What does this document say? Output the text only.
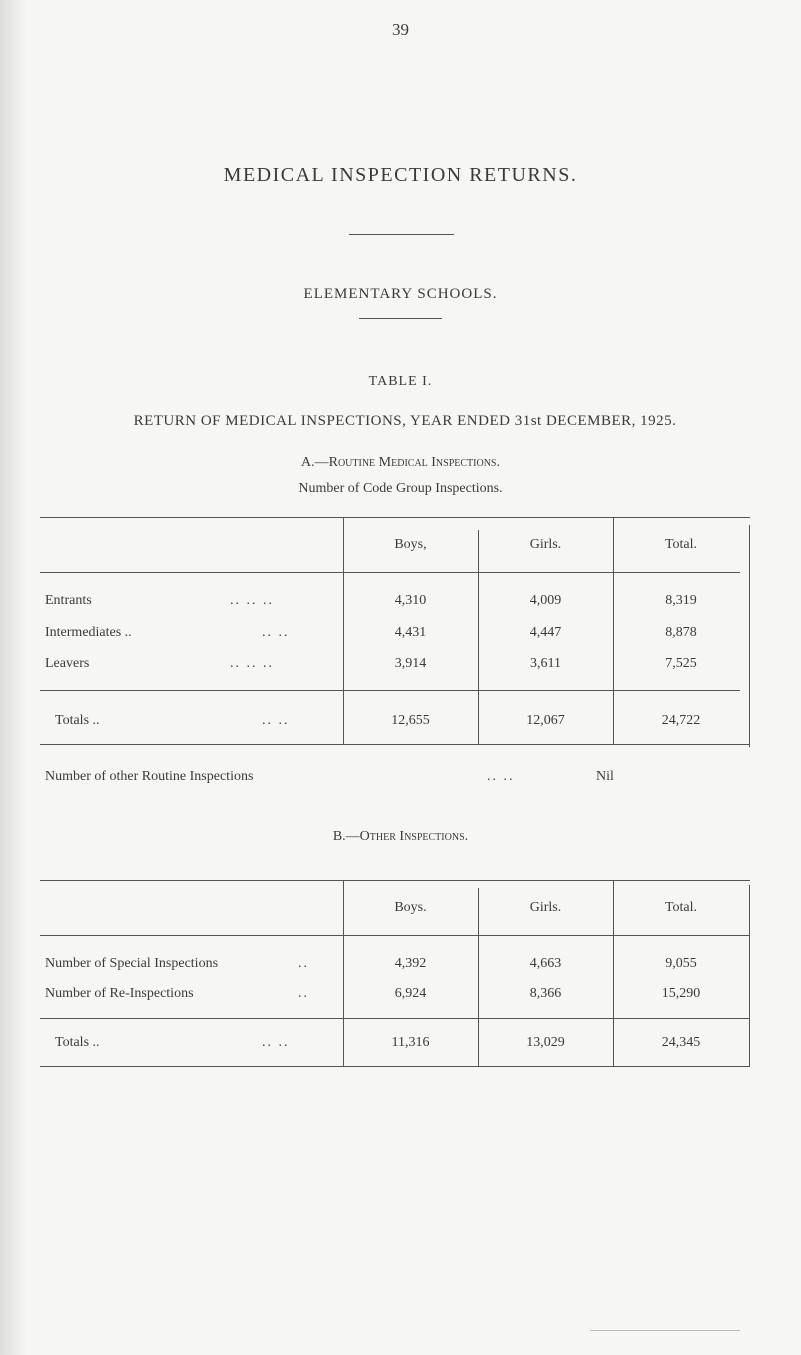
39
MEDICAL INSPECTION RETURNS.
ELEMENTARY SCHOOLS.
TABLE I.
RETURN OF MEDICAL INSPECTIONS, YEAR ENDED 31st DECEMBER, 1925.
A.—Routine Medical Inspections.
Number of Code Group Inspections.
Boys,	Girls.	Total.
Entrants	.. .. ..	4,310	4,009	8,319
Intermediates ..	.. ..	4,431	4,447	8,878
Leavers	.. .. ..	3,914	3,611	7,525
Totals ..	.. ..	12,655	12,067	24,722
Number of other Routine Inspections	.. ..	Nil
B.—Other Inspections.
Boys.	Girls.	Total.
Number of Special Inspections	..	4,392	4,663	9,055
Number of Re-Inspections	..	6,924	8,366	15,290
Totals ..	.. ..	11,316	13,029	24,345
